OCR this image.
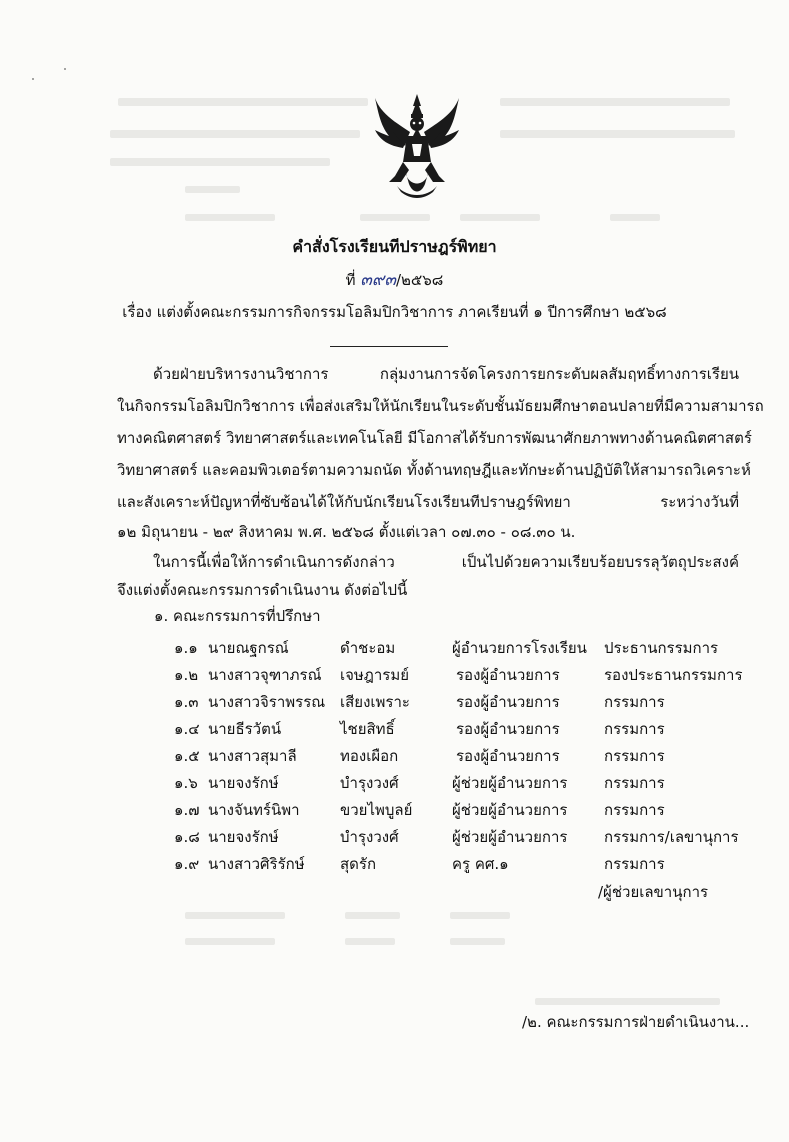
คำสั่งโรงเรียนทีปราษฎร์พิทยา
ที่ ๓๙๓/๒๕๖๘
เรื่อง แต่งตั้งคณะกรรมการกิจกรรมโอลิมปิกวิชาการ ภาคเรียนที่ ๑ ปีการศึกษา ๒๕๖๘
ด้วยฝ่ายบริหารงานวิชาการ กลุ่มงานการจัดโครงการยกระดับผลสัมฤทธิ์ทางการเรียน
ในกิจกรรมโอลิมปิกวิชาการ เพื่อส่งเสริมให้นักเรียนในระดับชั้นมัธยมศึกษาตอนปลายที่มีความสามารถ
ทางคณิตศาสตร์ วิทยาศาสตร์และเทคโนโลยี มีโอกาสได้รับการพัฒนาศักยภาพทางด้านคณิตศาสตร์
วิทยาศาสตร์ และคอมพิวเตอร์ตามความถนัด ทั้งด้านทฤษฎีและทักษะด้านปฏิบัติให้สามารถวิเคราะห์
และสังเคราะห์ปัญหาที่ซับซ้อนได้ให้กับนักเรียนโรงเรียนทีปราษฎร์พิทยา ระหว่างวันที่
๑๒ มิถุนายน - ๒๙ สิงหาคม พ.ศ. ๒๕๖๘ ตั้งแต่เวลา ๐๗.๓๐ - ๐๘.๓๐ น.
ในการนี้เพื่อให้การดำเนินการดังกล่าว เป็นไปด้วยความเรียบร้อยบรรลุวัตถุประสงค์
จึงแต่งตั้งคณะกรรมการดำเนินงาน ดังต่อไปนี้
๑. คณะกรรมการที่ปรึกษา
๑.๑ นายณฐกรณ์	ดำชะอม	ผู้อำนวยการโรงเรียน ประธานกรรมการ
๑.๒ นางสาวจุฑาภรณ์ เจษฎารมย์	รองผู้อำนวยการ	รองประธานกรรมการ
๑.๓ นางสาวจิราพรรณ เสียงเพราะ	รองผู้อำนวยการ	กรรมการ
๑.๔ นายธีรวัตน์	ไชยสิทธิ์	รองผู้อำนวยการ	กรรมการ
๑.๕ นางสาวสุมาลี	ทองเผือก	รองผู้อำนวยการ	กรรมการ
๑.๖ นายจงรักษ์	บำรุงวงศ์	ผู้ช่วยผู้อำนวยการ กรรมการ
๑.๗ นางจันทร์นิพา	ขวยไพบูลย์	ผู้ช่วยผู้อำนวยการ กรรมการ
๑.๘ นายจงรักษ์	บำรุงวงศ์	ผู้ช่วยผู้อำนวยการ กรรมการ/เลขานุการ
๑.๙ นางสาวศิริรักษ์ สุดรัก	ครู คศ.๑	กรรมการ
/ผู้ช่วยเลขานุการ
/๒. คณะกรรมการฝ่ายดำเนินงาน...
